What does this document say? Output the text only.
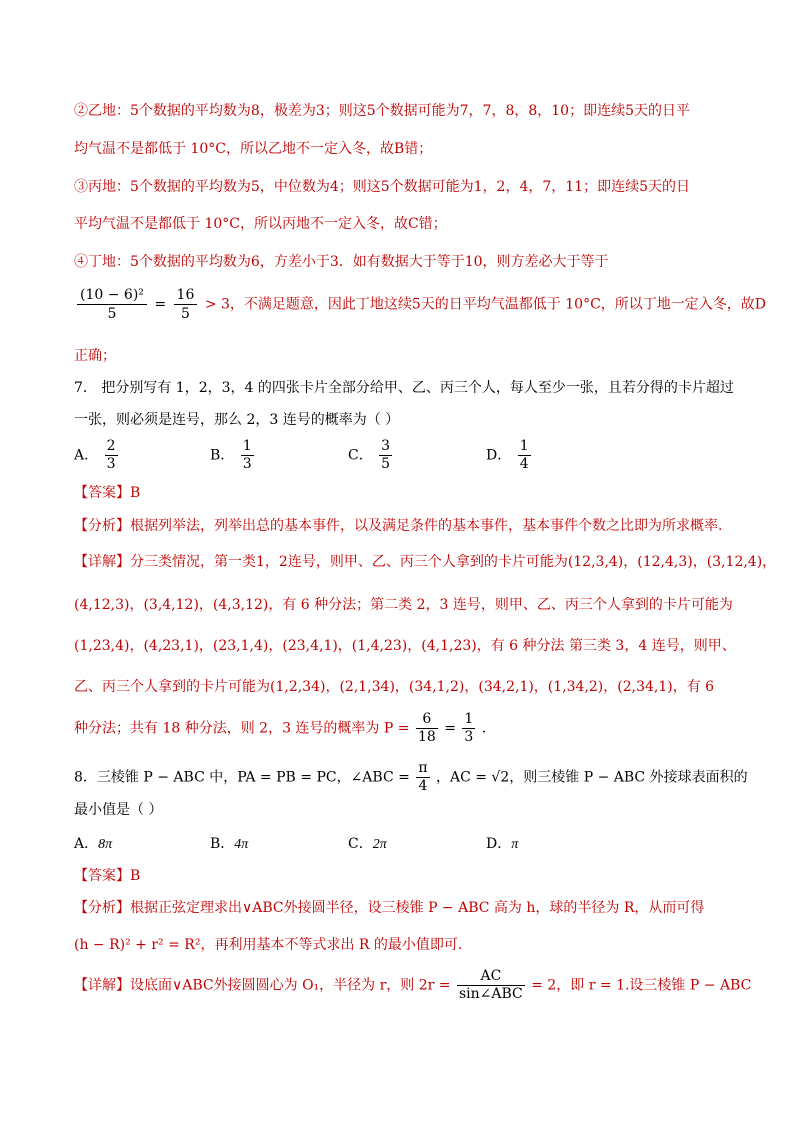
②乙地：5个数据的平均数为8，极差为3；则这5个数据可能为7，7，8，8，10；即连续5天的日平
均气温不是都低于 10°C，所以乙地不一定入冬，故B错；
③丙地：5个数据的平均数为5，中位数为4；则这5个数据可能为1，2，4，7，11；即连续5天的日
平均气温不是都低于 10°C，所以丙地不一定入冬，故C错；
④丁地：5个数据的平均数为6，方差小于3．如有数据大于等于10，则方差必大于等于
$\frac{\text{(10 − 6)²}}{5} = \frac{16}{5} > 3$，不满足题意，因此丁地这续5天的日平均气温都低于 10°C，所以丁地一定入冬，故D
正确；
7． 把分别写有 1，2，3，4 的四张卡片全部分给甲、乙、丙三个人，每人至少一张，且若分得的卡片超过
一张，则必须是连号，那么 2，3 连号的概率为（ ）
A． $\frac{2}{3}$	B． $\frac{1}{3}$	C． $\frac{3}{5}$	D． $\frac{1}{4}$
【答案】B
【分析】根据列举法，列举出总的基本事件，以及满足条件的基本事件，基本事件个数之比即为所求概率.
【详解】分三类情况，第一类1，2连号，则甲、乙、丙三个人拿到的卡片可能为(12,3,4)，(12,4,3)，(3,12,4)，
(4,12,3)，(3,4,12)，(4,3,12)，有 6 种分法；第二类 2，3 连号，则甲、乙、丙三个人拿到的卡片可能为
(1,23,4)，(4,23,1)，(23,1,4)，(23,4,1)，(1,4,23)，(4,1,23)，有 6 种分法 第三类 3，4 连号，则甲、
乙、丙三个人拿到的卡片可能为(1,2,34)，(2,1,34)，(34,1,2)，(34,2,1)，(1,34,2)，(2,34,1)，有 6
种分法；共有 18 种分法，则 2，3 连号的概率为 $P = \frac{6}{18} = \frac{1}{3}$ .
8．三棱锥 P − ABC 中，PA = PB = PC，∠ABC = $\frac{\pi}{4}$ ，AC = √2，则三棱锥 P − ABC 外接球表面积的
最小值是（ ）
A．8π	B．4π	C．2π	D．π
【答案】B
【分析】根据正弦定理求出∨ABC外接圆半径，设三棱锥 P − ABC 高为 h，球的半径为 R，从而可得
(h − R)² + r² = R²，再利用基本不等式求出 R 的最小值即可.
【详解】设底面∨ABC外接圆圆心为 O₁，半径为 r，则 $2r = \frac{AC}{\text{sin∠ABC}} = 2$，即 r = 1.设三棱锥 P − ABC
